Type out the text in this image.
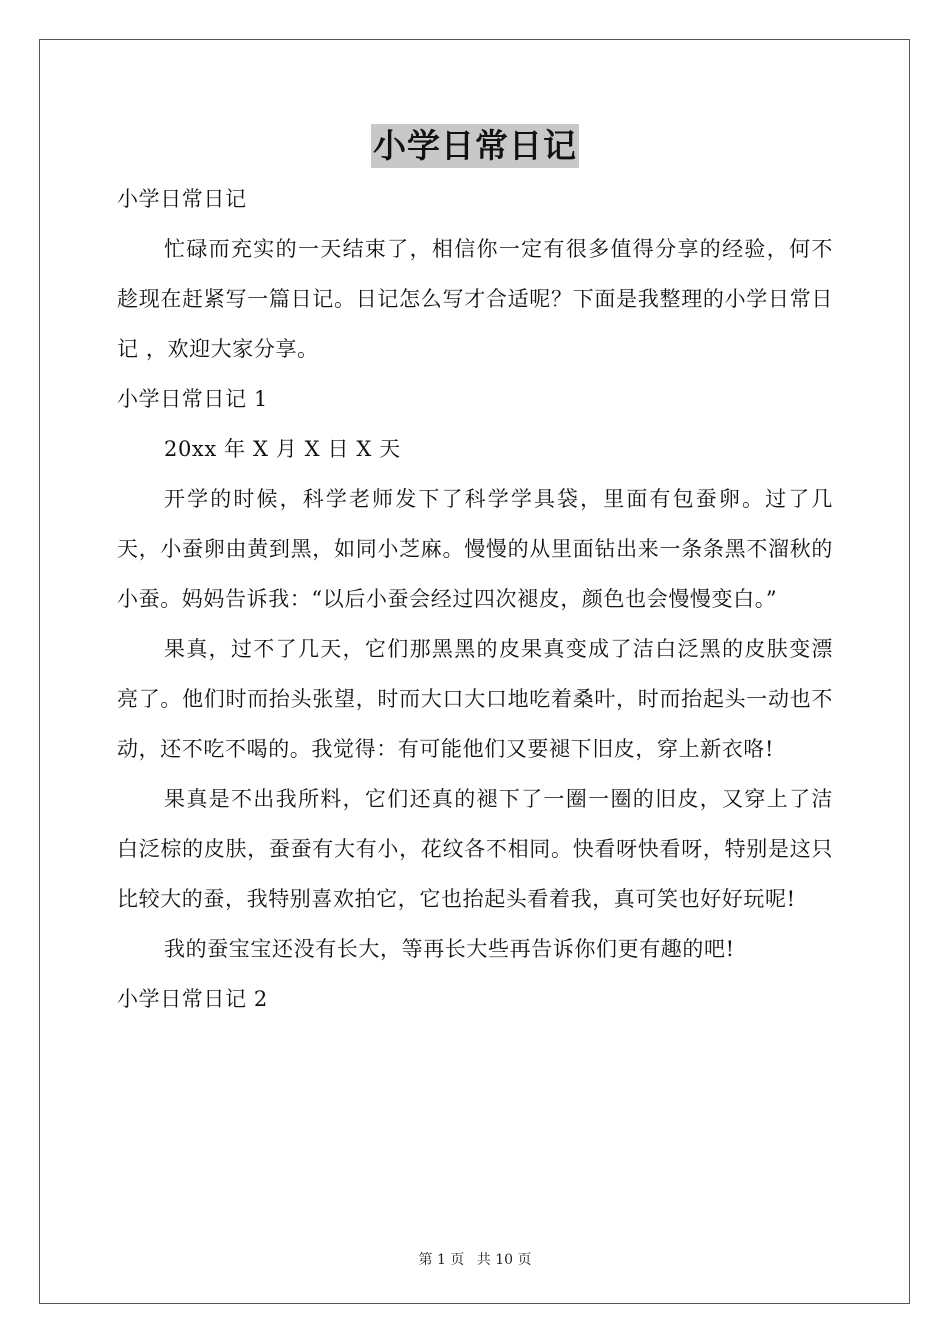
小学日常日记
小学日常日记
忙碌而充实的一天结束了，相信你一定有很多值得分享的经验，何不趁现在赶紧写一篇日记。日记怎么写才合适呢？下面是我整理的小学日常日记 ，欢迎大家分享。
小学日常日记 1
20xx 年 X 月 X 日 X 天
开学的时候，科学老师发下了科学学具袋，里面有包蚕卵。过了几天，小蚕卵由黄到黑，如同小芝麻。慢慢的从里面钻出来一条条黑不溜秋的小蚕。妈妈告诉我：“以后小蚕会经过四次褪皮，颜色也会慢慢变白。”
果真，过不了几天，它们那黑黑的皮果真变成了洁白泛黑的皮肤变漂亮了。他们时而抬头张望，时而大口大口地吃着桑叶，时而抬起头一动也不动，还不吃不喝的。我觉得：有可能他们又要褪下旧皮，穿上新衣咯!
果真是不出我所料，它们还真的褪下了一圈一圈的旧皮，又穿上了洁白泛棕的皮肤，蚕蚕有大有小，花纹各不相同。快看呀快看呀，特别是这只比较大的蚕，我特别喜欢拍它，它也抬起头看着我，真可笑也好好玩呢!
我的蚕宝宝还没有长大，等再长大些再告诉你们更有趣的吧!
小学日常日记 2
第 1 页 共 10 页
